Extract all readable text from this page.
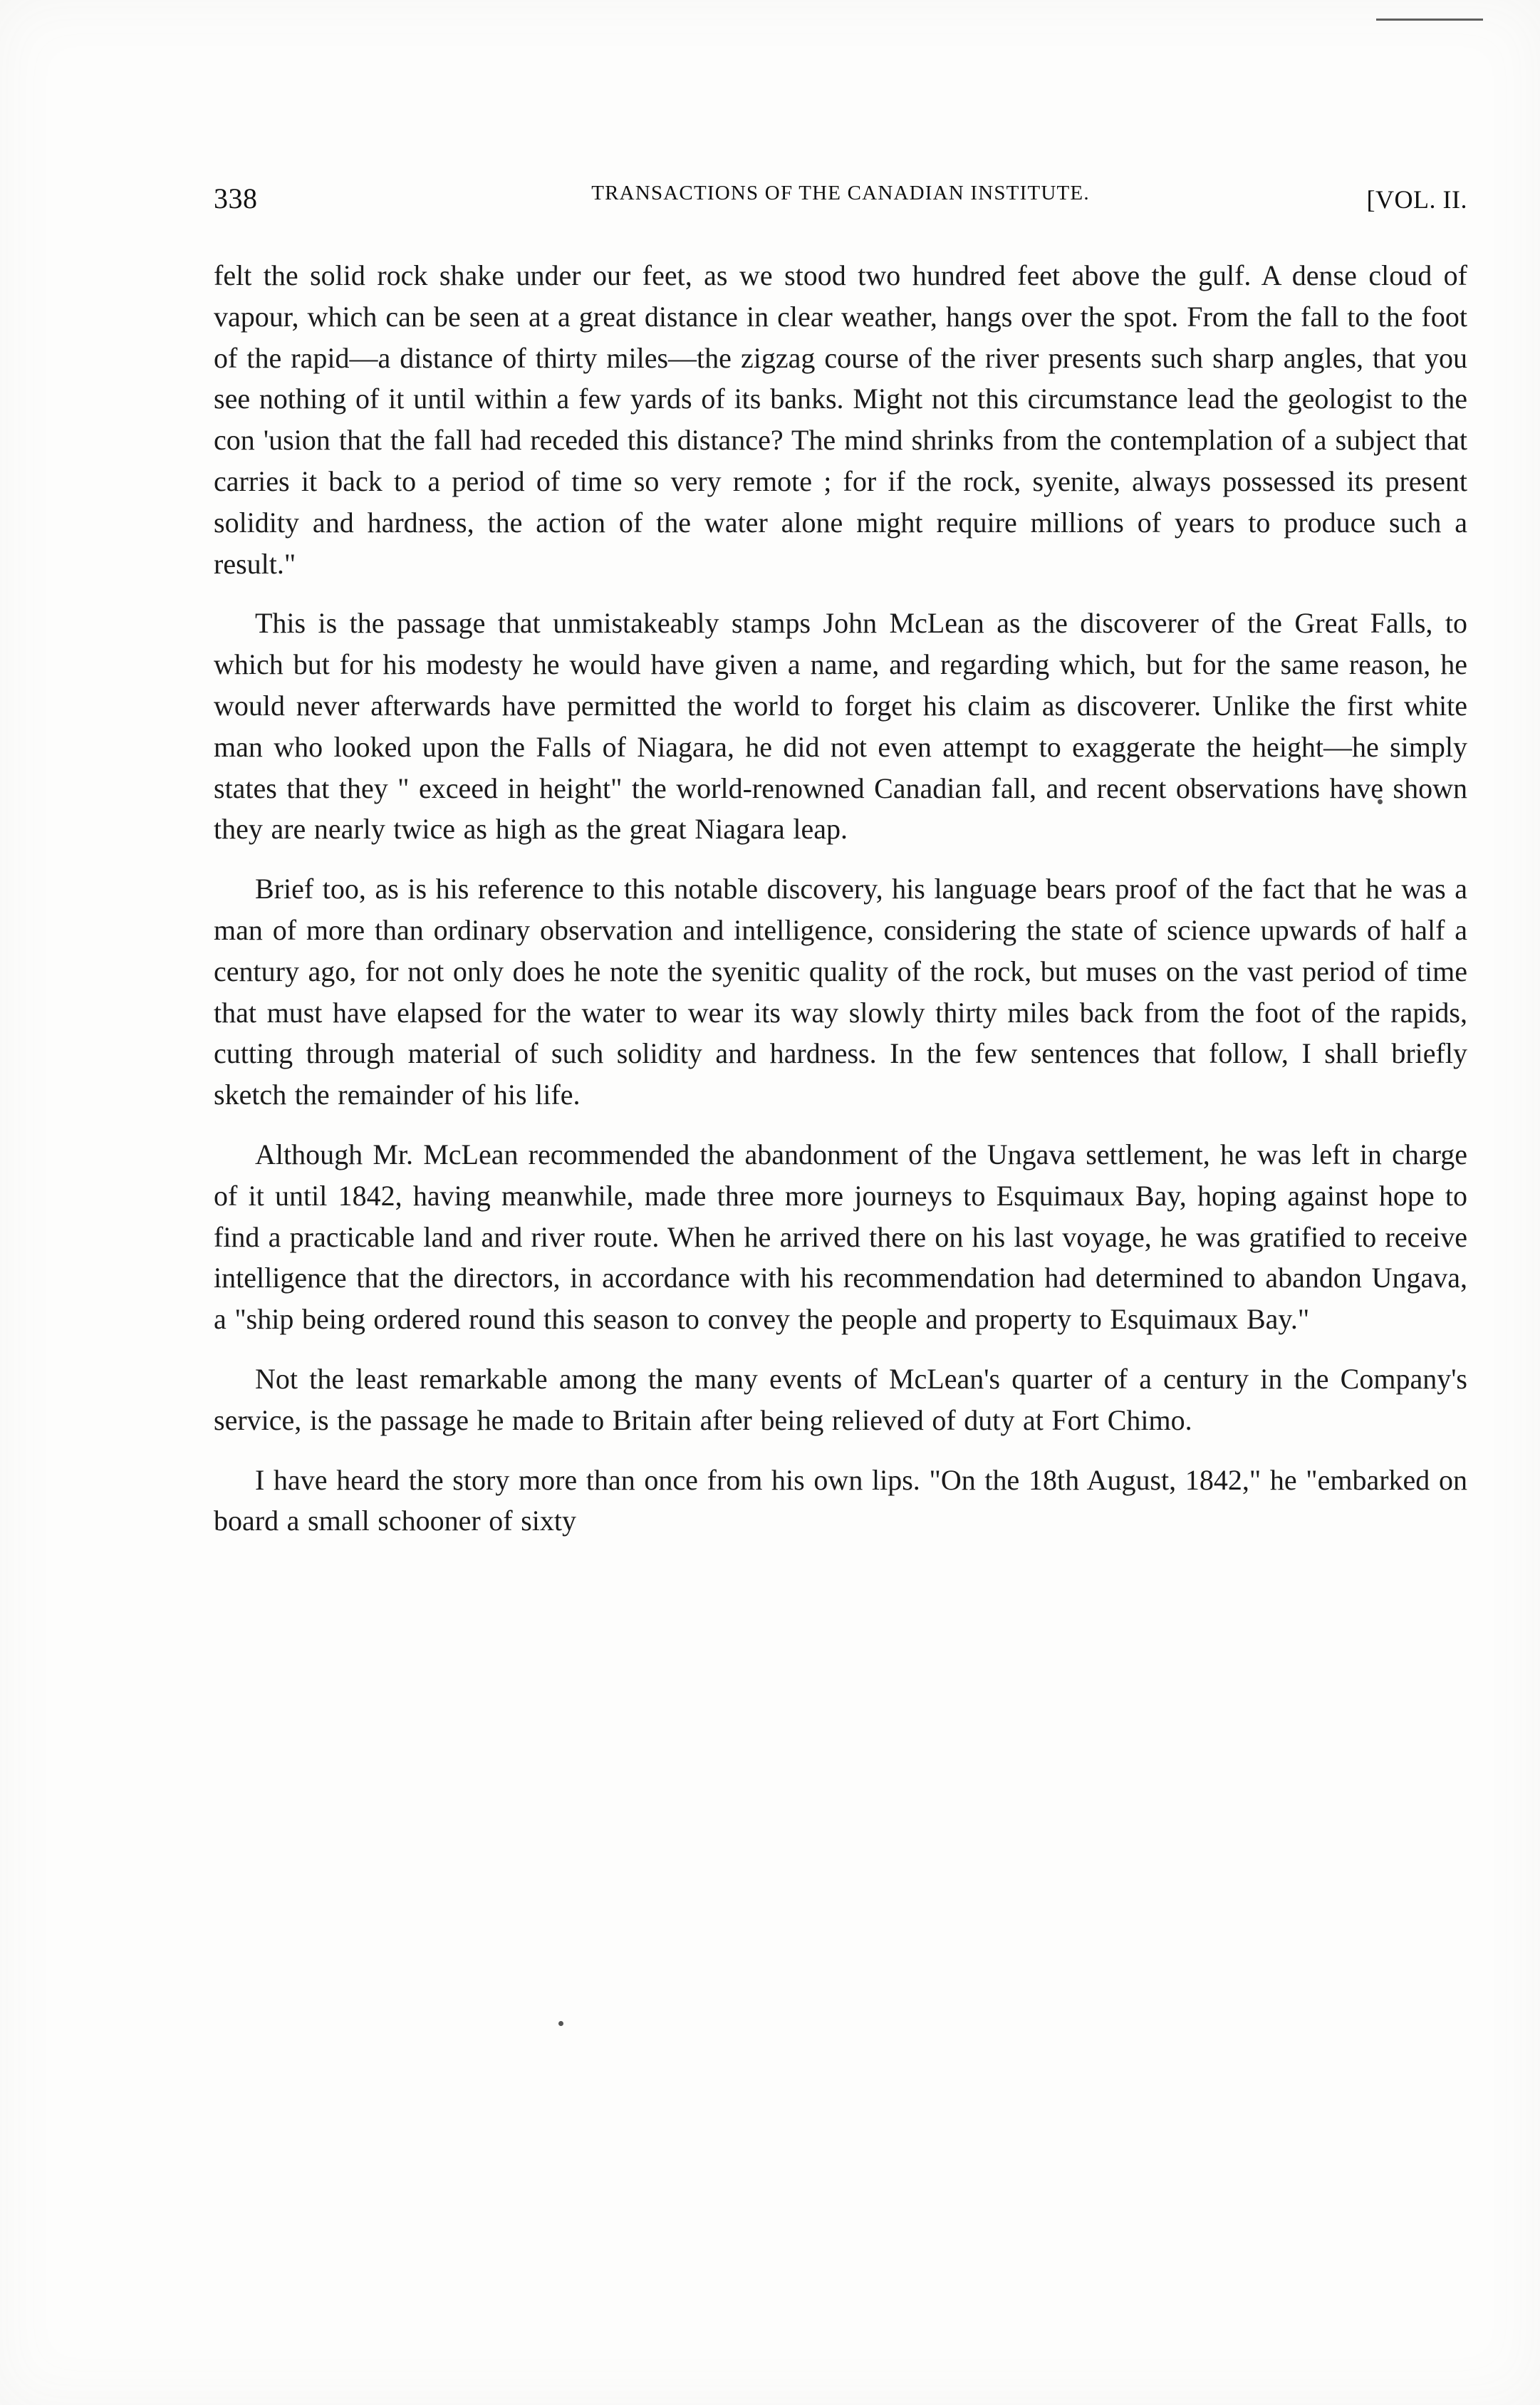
338	TRANSACTIONS OF THE CANADIAN INSTITUTE.	[VOL. II.

felt the solid rock shake under our feet, as we stood two hundred feet above the gulf. A dense cloud of vapour, which can be seen at a great distance in clear weather, hangs over the spot. From the fall to the foot of the rapid—a distance of thirty miles—the zigzag course of the river presents such sharp angles, that you see nothing of it until within a few yards of its banks. Might not this circumstance lead the geologist to the con 'usion that the fall had receded this distance? The mind shrinks from the contemplation of a subject that carries it back to a period of time so very remote ; for if the rock, syenite, always possessed its present solidity and hardness, the action of the water alone might require millions of years to produce such a result."

This is the passage that unmistakeably stamps John McLean as the discoverer of the Great Falls, to which but for his modesty he would have given a name, and regarding which, but for the same reason, he would never afterwards have permitted the world to forget his claim as discoverer. Unlike the first white man who looked upon the Falls of Niagara, he did not even attempt to exaggerate the height—he simply states that they " exceed in height" the world-renowned Canadian fall, and recent observations have shown they are nearly twice as high as the great Niagara leap.

Brief too, as is his reference to this notable discovery, his language bears proof of the fact that he was a man of more than ordinary observation and intelligence, considering the state of science upwards of half a century ago, for not only does he note the syenitic quality of the rock, but muses on the vast period of time that must have elapsed for the water to wear its way slowly thirty miles back from the foot of the rapids, cutting through material of such solidity and hardness. In the few sentences that follow, I shall briefly sketch the remainder of his life.

Although Mr. McLean recommended the abandonment of the Ungava settlement, he was left in charge of it until 1842, having meanwhile, made three more journeys to Esquimaux Bay, hoping against hope to find a practicable land and river route. When he arrived there on his last voyage, he was gratified to receive intelligence that the directors, in accordance with his recommendation had determined to abandon Ungava, a "ship being ordered round this season to convey the people and property to Esquimaux Bay."

Not the least remarkable among the many events of McLean's quarter of a century in the Company's service, is the passage he made to Britain after being relieved of duty at Fort Chimo.

I have heard the story more than once from his own lips. "On the 18th August, 1842," he "embarked on board a small schooner of sixty
